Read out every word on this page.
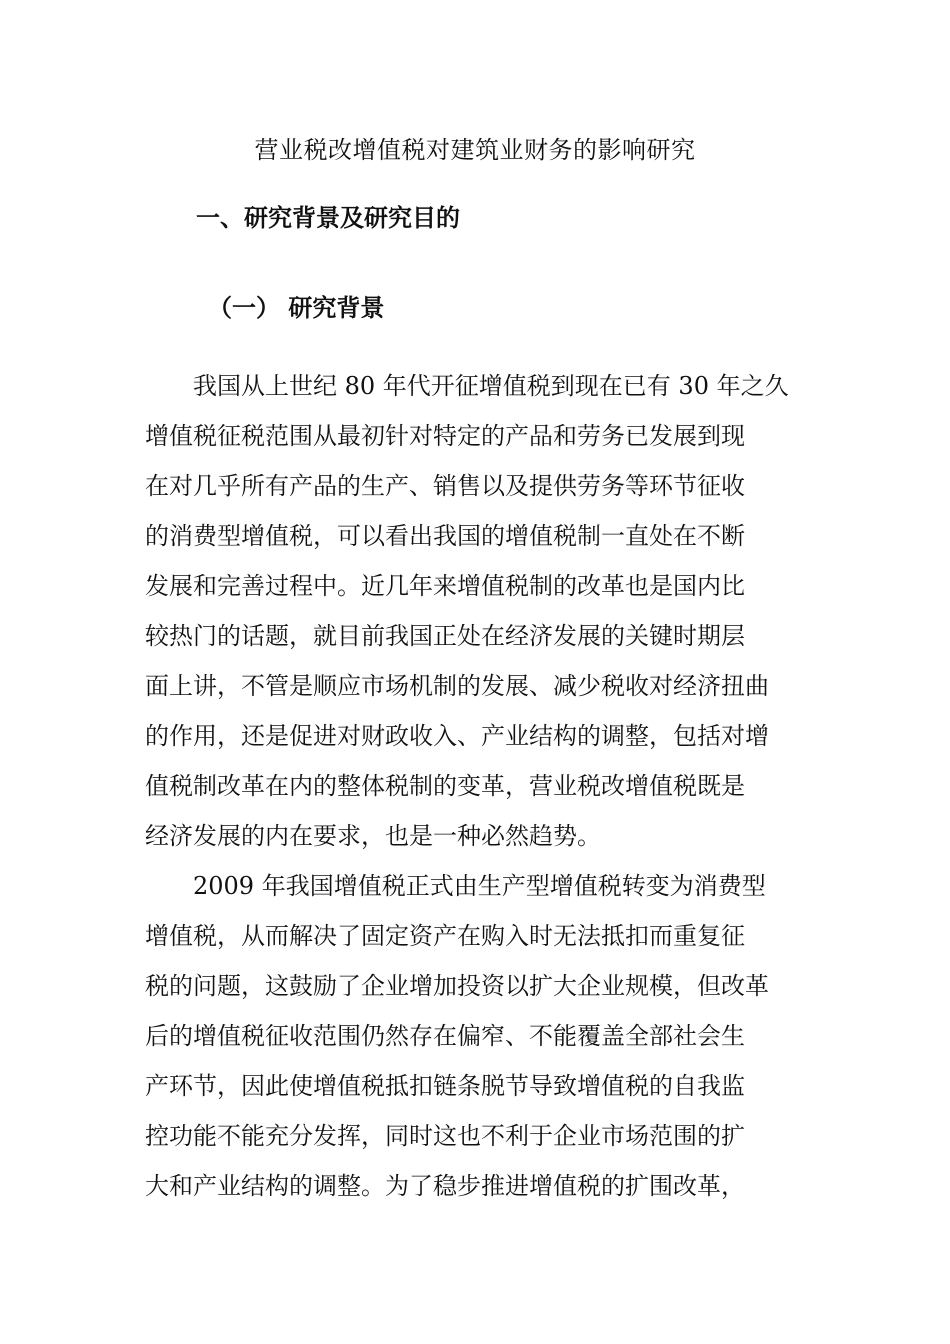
营业税改增值税对建筑业财务的影响研究
一、研究背景及研究目的
（一） 研究背景

　　我国从上世纪 80 年代开征增值税到现在已有 30 年之久
增值税征税范围从最初针对特定的产品和劳务已发展到现
在对几乎所有产品的生产、销售以及提供劳务等环节征收
的消费型增值税，可以看出我国的增值税制一直处在不断
发展和完善过程中。近几年来增值税制的改革也是国内比
较热门的话题，就目前我国正处在经济发展的关键时期层
面上讲，不管是顺应市场机制的发展、减少税收对经济扭曲
的作用，还是促进对财政收入、产业结构的调整，包括对增
值税制改革在内的整体税制的变革，营业税改增值税既是
经济发展的内在要求，也是一种必然趋势。

　　2009 年我国增值税正式由生产型增值税转变为消费型
增值税，从而解决了固定资产在购入时无法抵扣而重复征
税的问题，这鼓励了企业增加投资以扩大企业规模，但改革
后的增值税征收范围仍然存在偏窄、不能覆盖全部社会生
产环节，因此使增值税抵扣链条脱节导致增值税的自我监
控功能不能充分发挥，同时这也不利于企业市场范围的扩
大和产业结构的调整。为了稳步推进增值税的扩围改革，
